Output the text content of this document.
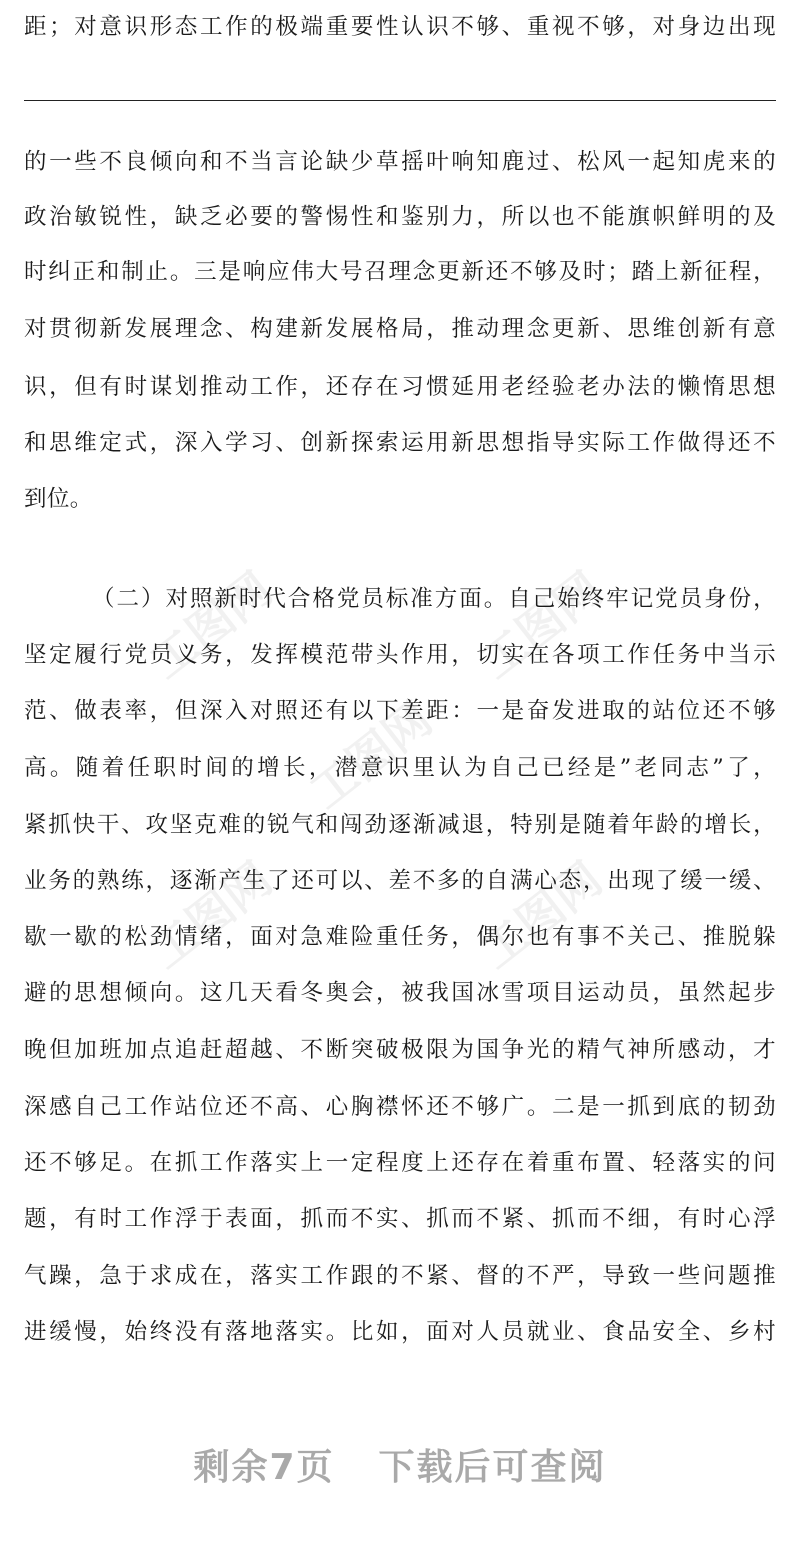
工图网	工图网
工图网
工图网	工图网
距；对意识形态工作的极端重要性认识不够、重视不够，对身边出现
的一些不良倾向和不当言论缺少草摇叶响知鹿过、松风一起知虎来的
政治敏锐性，缺乏必要的警惕性和鉴别力，所以也不能旗帜鲜明的及
时纠正和制止。三是响应伟大号召理念更新还不够及时；踏上新征程，
对贯彻新发展理念、构建新发展格局，推动理念更新、思维创新有意
识，但有时谋划推动工作，还存在习惯延用老经验老办法的懒惰思想
和思维定式，深入学习、创新探索运用新思想指导实际工作做得还不
到位。
（二）对照新时代合格党员标准方面。自己始终牢记党员身份，
坚定履行党员义务，发挥模范带头作用，切实在各项工作任务中当示
范、做表率，但深入对照还有以下差距：一是奋发进取的站位还不够
高。随着任职时间的增长，潜意识里认为自己已经是”老同志”了，
紧抓快干、攻坚克难的锐气和闯劲逐渐减退，特别是随着年龄的增长，
业务的熟练，逐渐产生了还可以、差不多的自满心态，出现了缓一缓、
歇一歇的松劲情绪，面对急难险重任务，偶尔也有事不关己、推脱躲
避的思想倾向。这几天看冬奥会，被我国冰雪项目运动员，虽然起步
晚但加班加点追赶超越、不断突破极限为国争光的精气神所感动，才
深感自己工作站位还不高、心胸襟怀还不够广。二是一抓到底的韧劲
还不够足。在抓工作落实上一定程度上还存在着重布置、轻落实的问
题，有时工作浮于表面，抓而不实、抓而不紧、抓而不细，有时心浮
气躁，急于求成在，落实工作跟的不紧、督的不严，导致一些问题推
进缓慢，始终没有落地落实。比如，面对人员就业、食品安全、乡村
剩余7页 下载后可查阅
